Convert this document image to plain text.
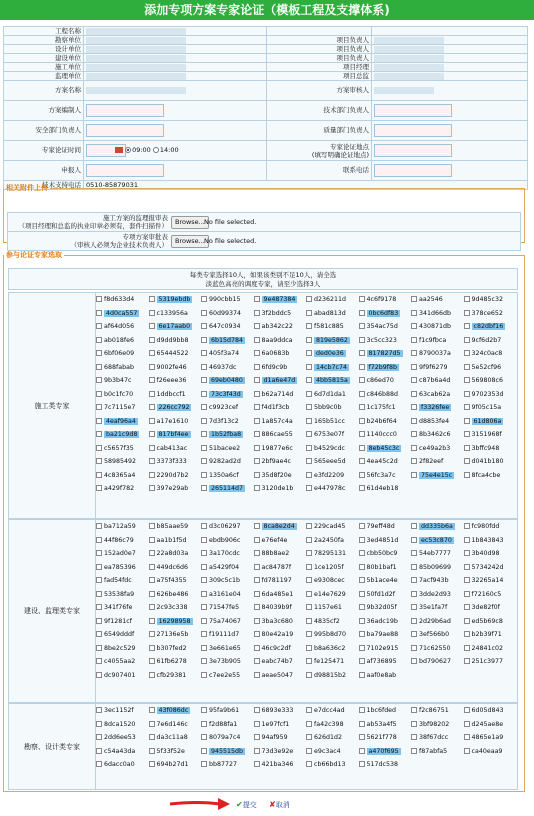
添加专项方案专家论证（模板工程及支撑体系)
工程名称			
勘察单位		项目负责人	
设计单位		项目负责人	
建设单位		项目负责人	
施工单位		项目经理	
监理单位		项目总监	
方案名称		方案审核人	
方案编制人		技术部门负责人	
安全部门负责人		质量部门负责人	
专家论证时间	09:00 14:00	专家论证地点
(填写明确论证地点)	
申报人		联系电话	
技术支持电话	0510-85879031		
相关附件上传
施工方案的监理报审表
（项目经理和总监的执业印章必须有，套件扫描件）	Browse... No file selected.
专项方案审批表
（审核人必须为企业技术负责人）	Browse... No file selected.
参与论证专家选取
每类专家选择10人，如果该类别不足10人，请全选
淡蓝色高亮的调度专家，请至少选择3人
施工类专家
f8d633d4	5319ebdb	990cbb15	9e487384	d236211d	4c6f9178	aa2546	9d485c32
4d0ca557	c133956a	60d99374	3f2bddc5	abad813d	0bc6df83	341d66db	378ce652
af64d056	6e17aab0	647c0934	ab342c22	f581c885	354ac75d	430871db	c82dbf16
ab018fe6	d9dd9bb8	6b15d784	8aa9ddca	819e5862	3c5cc323	f1c9fbca	9cf6d2b7
6bf06e09	65444522	405f3a74	6a0683b	ded0e36	817827d5	8790037a	324c0ac8
688fabab	9002fe46	46937dc	6fd9c9b	14cb7c74	f72b9f8b	9f9f6279	5e52cf96
9b3b47c	f26eee36	69eb0480	d1a6e47d	4bb5815a	c86ed70	c87b6a4d	569808c6
b0c1fc70	1ddbccf1	73c3f43d	b62a714d	6d7d1da1	c846b88d	63cab62a	9702353d
7c7115e7	226cc792	c9923cef	f4d1f3cb	5bb9c0b	1c175fc1	f3326fee	9f05c15a
4eaf96a4	a17e1610	7d3f13c2	1a857c4a	165b51cc	b24b6f64	d8853fe4	61d806a
ba21c9d8	817bf4ee	1b52fba8	886cae55	6753e07f	1140ccc0	8b3462c6	3151968f
c5657f35	cab413ac	51bacee2	19877e6c	b4529cdc	8eb45c3c	ce49a2b3	3bffc948
58985492	3373f333	9282ad2d	2bf9ae4c	565eee5d	4ea45c2d	2f82eef	d041b180
4c8365a4	2290d7b2	1350a6cf	35d8f20e	e3fd2209	56fc3a7c	75e4e15c	8fca4cbe
a429f782	397e29ab	265114d7	3120de1b	e447978c	61d4eb18
建设、监理类专家
ba712a59	b85aae59	d3c06297	8ca8e2d4	229cad45	79eff48d	dd335b6a	fc980fdd
44f86c79	aa1b1f5d	ebdb906c	e76ef4e	2a2450fa	3ed4851d	ec53c870	1b843843
152ad0e7	22a8d03a	3a170cdc	88b8ae2	78295131	cbb50bc9	54eb7777	3b40d98
ea785396	449dc6d6	a5429f04	ac84787f	1ce1205f	80b1baf1	85b09699	5734242d
fad54fdc	a75f4355	309c5c1b	fd781197	e9308cec	5b1ace4e	7acf943b	32265a14
53538fa9	626be486	a3161e04	6da485e1	e14e7629	50fd1d2f	3dde2d93	f72160c5
341f76fe	2c93c338	71547fe5	84039b9f	1157e61	9b32d05f	35e1fa7f	3de82f0f
9f1281cf	16298958	75a74067	3ba3c680	4835cf2	36adc19b	2d29b6ad	ed5b69c8
6549dddf	27136e5b	f19111d7	80e42a19	995b8d70	ba79ae88	3ef566b0	b2b39f71
8be2c529	b307fed2	3e661e65	46c9c2df	b8a636c2	7102e915	71c62550	24841c02
c4055aa2	61fb6278	3e73b905	eabc74b7	fe125471	af736895	bd790627	251c3977
dc907401	cfb29381	c7ee2e55	aeae5047	d98815b2	aaf0e8ab
勘察、设计类专家
3ec1152f	43f086dc	95fa9b61	6893e333	e7dcc4ad	1bc6fded	f2c86751	6d05d843
8dca1520	7e6d146c	f2d88fa1	1e97fcf1	fa42c398	ab53a4f5	3bf98202	d245ae8e
2dd6ee53	da3c11a8	8079a7c4	94af959	626d1d2	5621f778	38f67dcc	4865e1a9
c54a43da	5f33f52e	945515db	73d3e92e	e9c3ac4	a470f695	f87abfa5	ca40eaa9
6dacc0a0	694b27d1	bb87727	421ba346	cb66bd13	517dc538
✔提交 ✘取消
